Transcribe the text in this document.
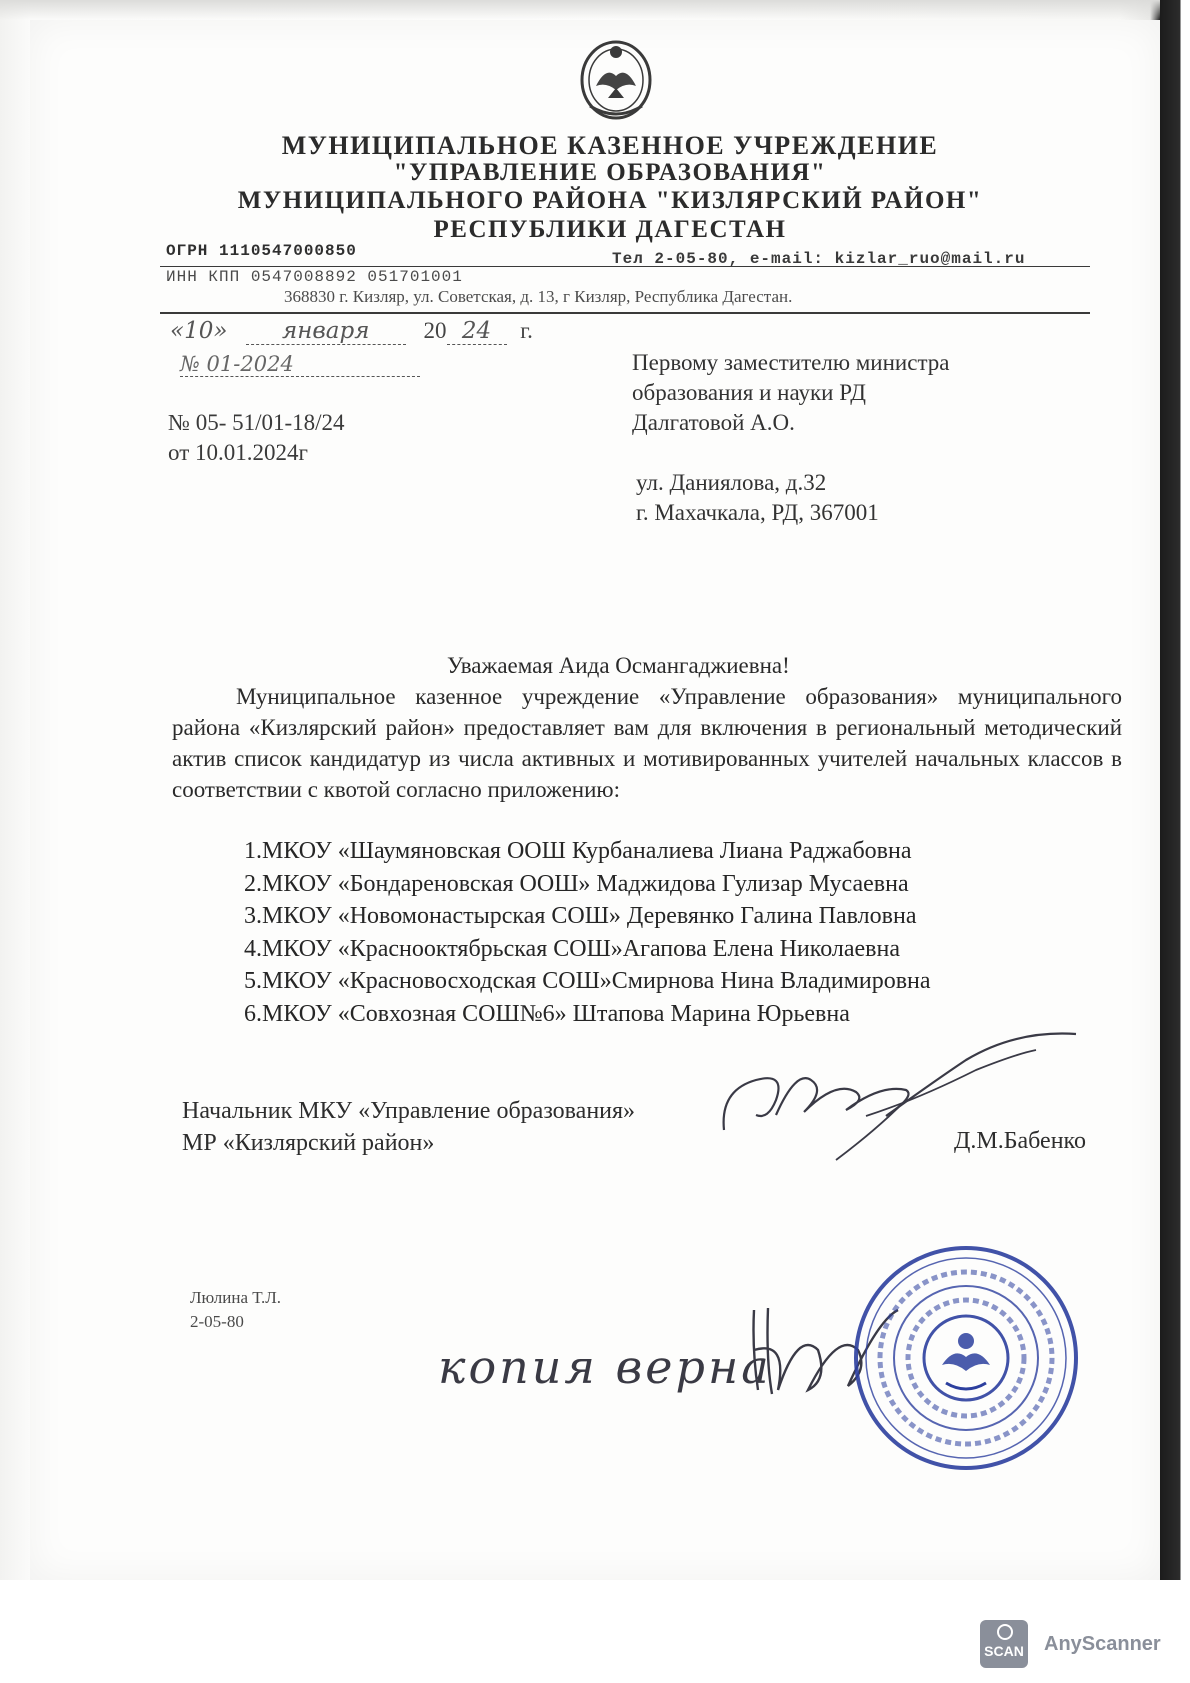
МУНИЦИПАЛЬНОЕ КАЗЕННОЕ УЧРЕЖДЕНИЕ
"УПРАВЛЕНИЕ ОБРАЗОВАНИЯ"
МУНИЦИПАЛЬНОГО РАЙОНА "КИЗЛЯРСКИЙ РАЙОН"
РЕСПУБЛИКИ ДАГЕСТАН
ОГРН 1110547000850	Тел 2-05-80, e-mail: kizlar_ruo@mail.ru
ИНН КПП 0547008892 051701001
368830 г. Кизляр, ул. Советская, д. 13, г Кизляр, Республика Дагестан.
«10» января 20 24 г.
№ 01-2024
№ 05- 51/01-18/24
от 10.01.2024г
Первому заместителю министра
образования и науки РД
Далгатовой А.О.
ул. Даниялова, д.32
г. Махачкала, РД, 367001
Уважаемая Аида Османгаджиевна!
Муниципальное казенное учреждение «Управление образования» муниципального района «Кизлярский район» предоставляет вам для включения в региональный методический актив список кандидатур из числа активных и мотивированных учителей начальных классов в соответствии с квотой согласно приложению:
1.МКОУ «Шаумяновская ООШ Курбаналиева Лиана Раджабовна
2.МКОУ «Бондареновская ООШ» Маджидова Гулизар Мусаевна
3.МКОУ «Новомонастырская СОШ» Деревянко Галина Павловна
4.МКОУ «Краснооктябрьская СОШ»Агапова Елена Николаевна
5.МКОУ «Красновосходская СОШ»Смирнова Нина Владимировна
6.МКОУ «Совхозная СОШ№6» Штапова Марина Юрьевна
Начальник МКУ «Управление образования»
МР «Кизлярский район»	Д.М.Бабенко
Люлина Т.Л.
2-05-80
копия верна
SCAN AnyScanner
